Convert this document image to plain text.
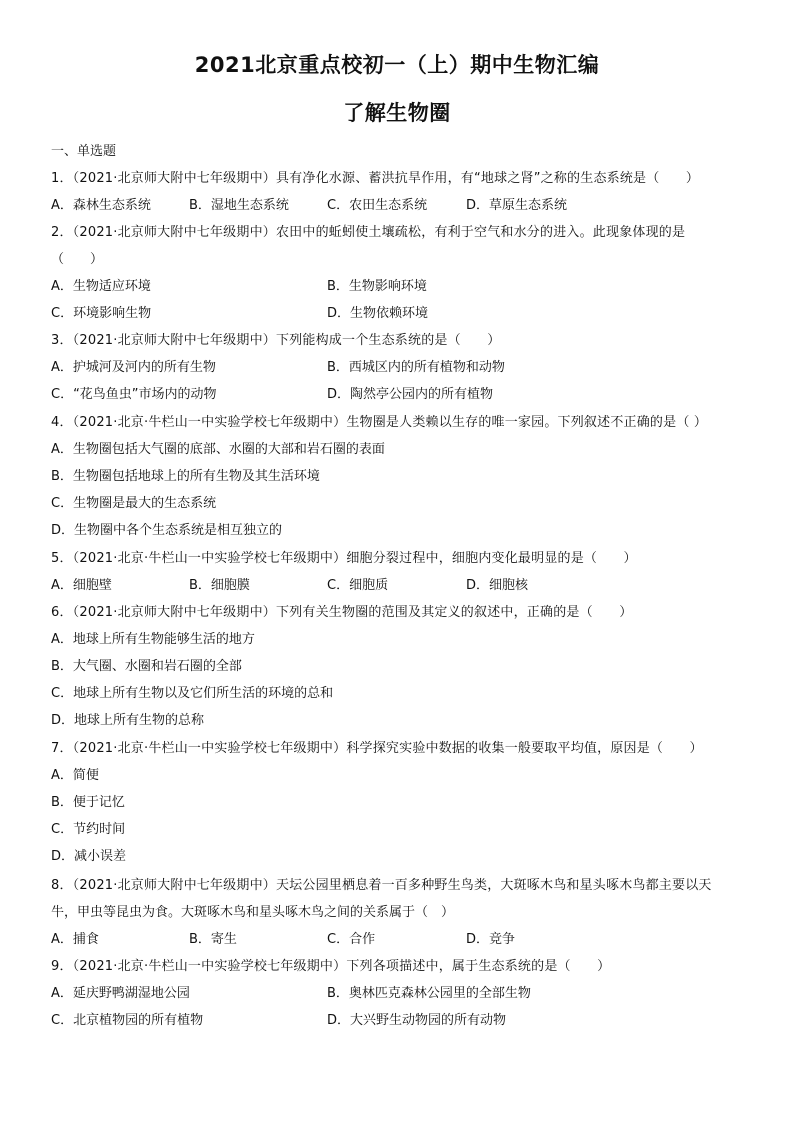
2021北京重点校初一（上）期中生物汇编
了解生物圈
一、单选题
1．（2021·北京师大附中七年级期中）具有净化水源、蓄洪抗旱作用，有“地球之肾”之称的生态系统是（　　）
A．森林生态系统	B．湿地生态系统	C．农田生态系统	D．草原生态系统
2．（2021·北京师大附中七年级期中）农田中的蚯蚓使土壤疏松，有利于空气和水分的进入。此现象体现的是
（　　）
A．生物适应环境	B．生物影响环境
C．环境影响生物	D．生物依赖环境
3．（2021·北京师大附中七年级期中）下列能构成一个生态系统的是（　　）
A．护城河及河内的所有生物	B．西城区内的所有植物和动物
C．“花鸟鱼虫”市场内的动物	D．陶然亭公园内的所有植物
4．（2021·北京·牛栏山一中实验学校七年级期中）生物圈是人类赖以生存的唯一家园。下列叙述不正确的是（ ）
A．生物圈包括大气圈的底部、水圈的大部和岩石圈的表面
B．生物圈包括地球上的所有生物及其生活环境
C．生物圈是最大的生态系统
D．生物圈中各个生态系统是相互独立的
5．（2021·北京·牛栏山一中实验学校七年级期中）细胞分裂过程中，细胞内变化最明显的是（　　）
A．细胞壁	B．细胞膜	C．细胞质	D．细胞核
6．（2021·北京师大附中七年级期中）下列有关生物圈的范围及其定义的叙述中，正确的是（　　）
A．地球上所有生物能够生活的地方
B．大气圈、水圈和岩石圈的全部
C．地球上所有生物以及它们所生活的环境的总和
D．地球上所有生物的总称
7．（2021·北京·牛栏山一中实验学校七年级期中）科学探究实验中数据的收集一般要取平均值，原因是（　　）
A．简便
B．便于记忆
C．节约时间
D．减小误差
8．（2021·北京师大附中七年级期中）天坛公园里栖息着一百多种野生鸟类，大斑啄木鸟和星头啄木鸟都主要以天
牛，甲虫等昆虫为食。大斑啄木鸟和星头啄木鸟之间的关系属于（　）
A．捕食	B．寄生	C．合作	D．竞争
9．（2021·北京·牛栏山一中实验学校七年级期中）下列各项描述中，属于生态系统的是（　　）
A．延庆野鸭湖湿地公园	B．奥林匹克森林公园里的全部生物
C．北京植物园的所有植物	D．大兴野生动物园的所有动物
